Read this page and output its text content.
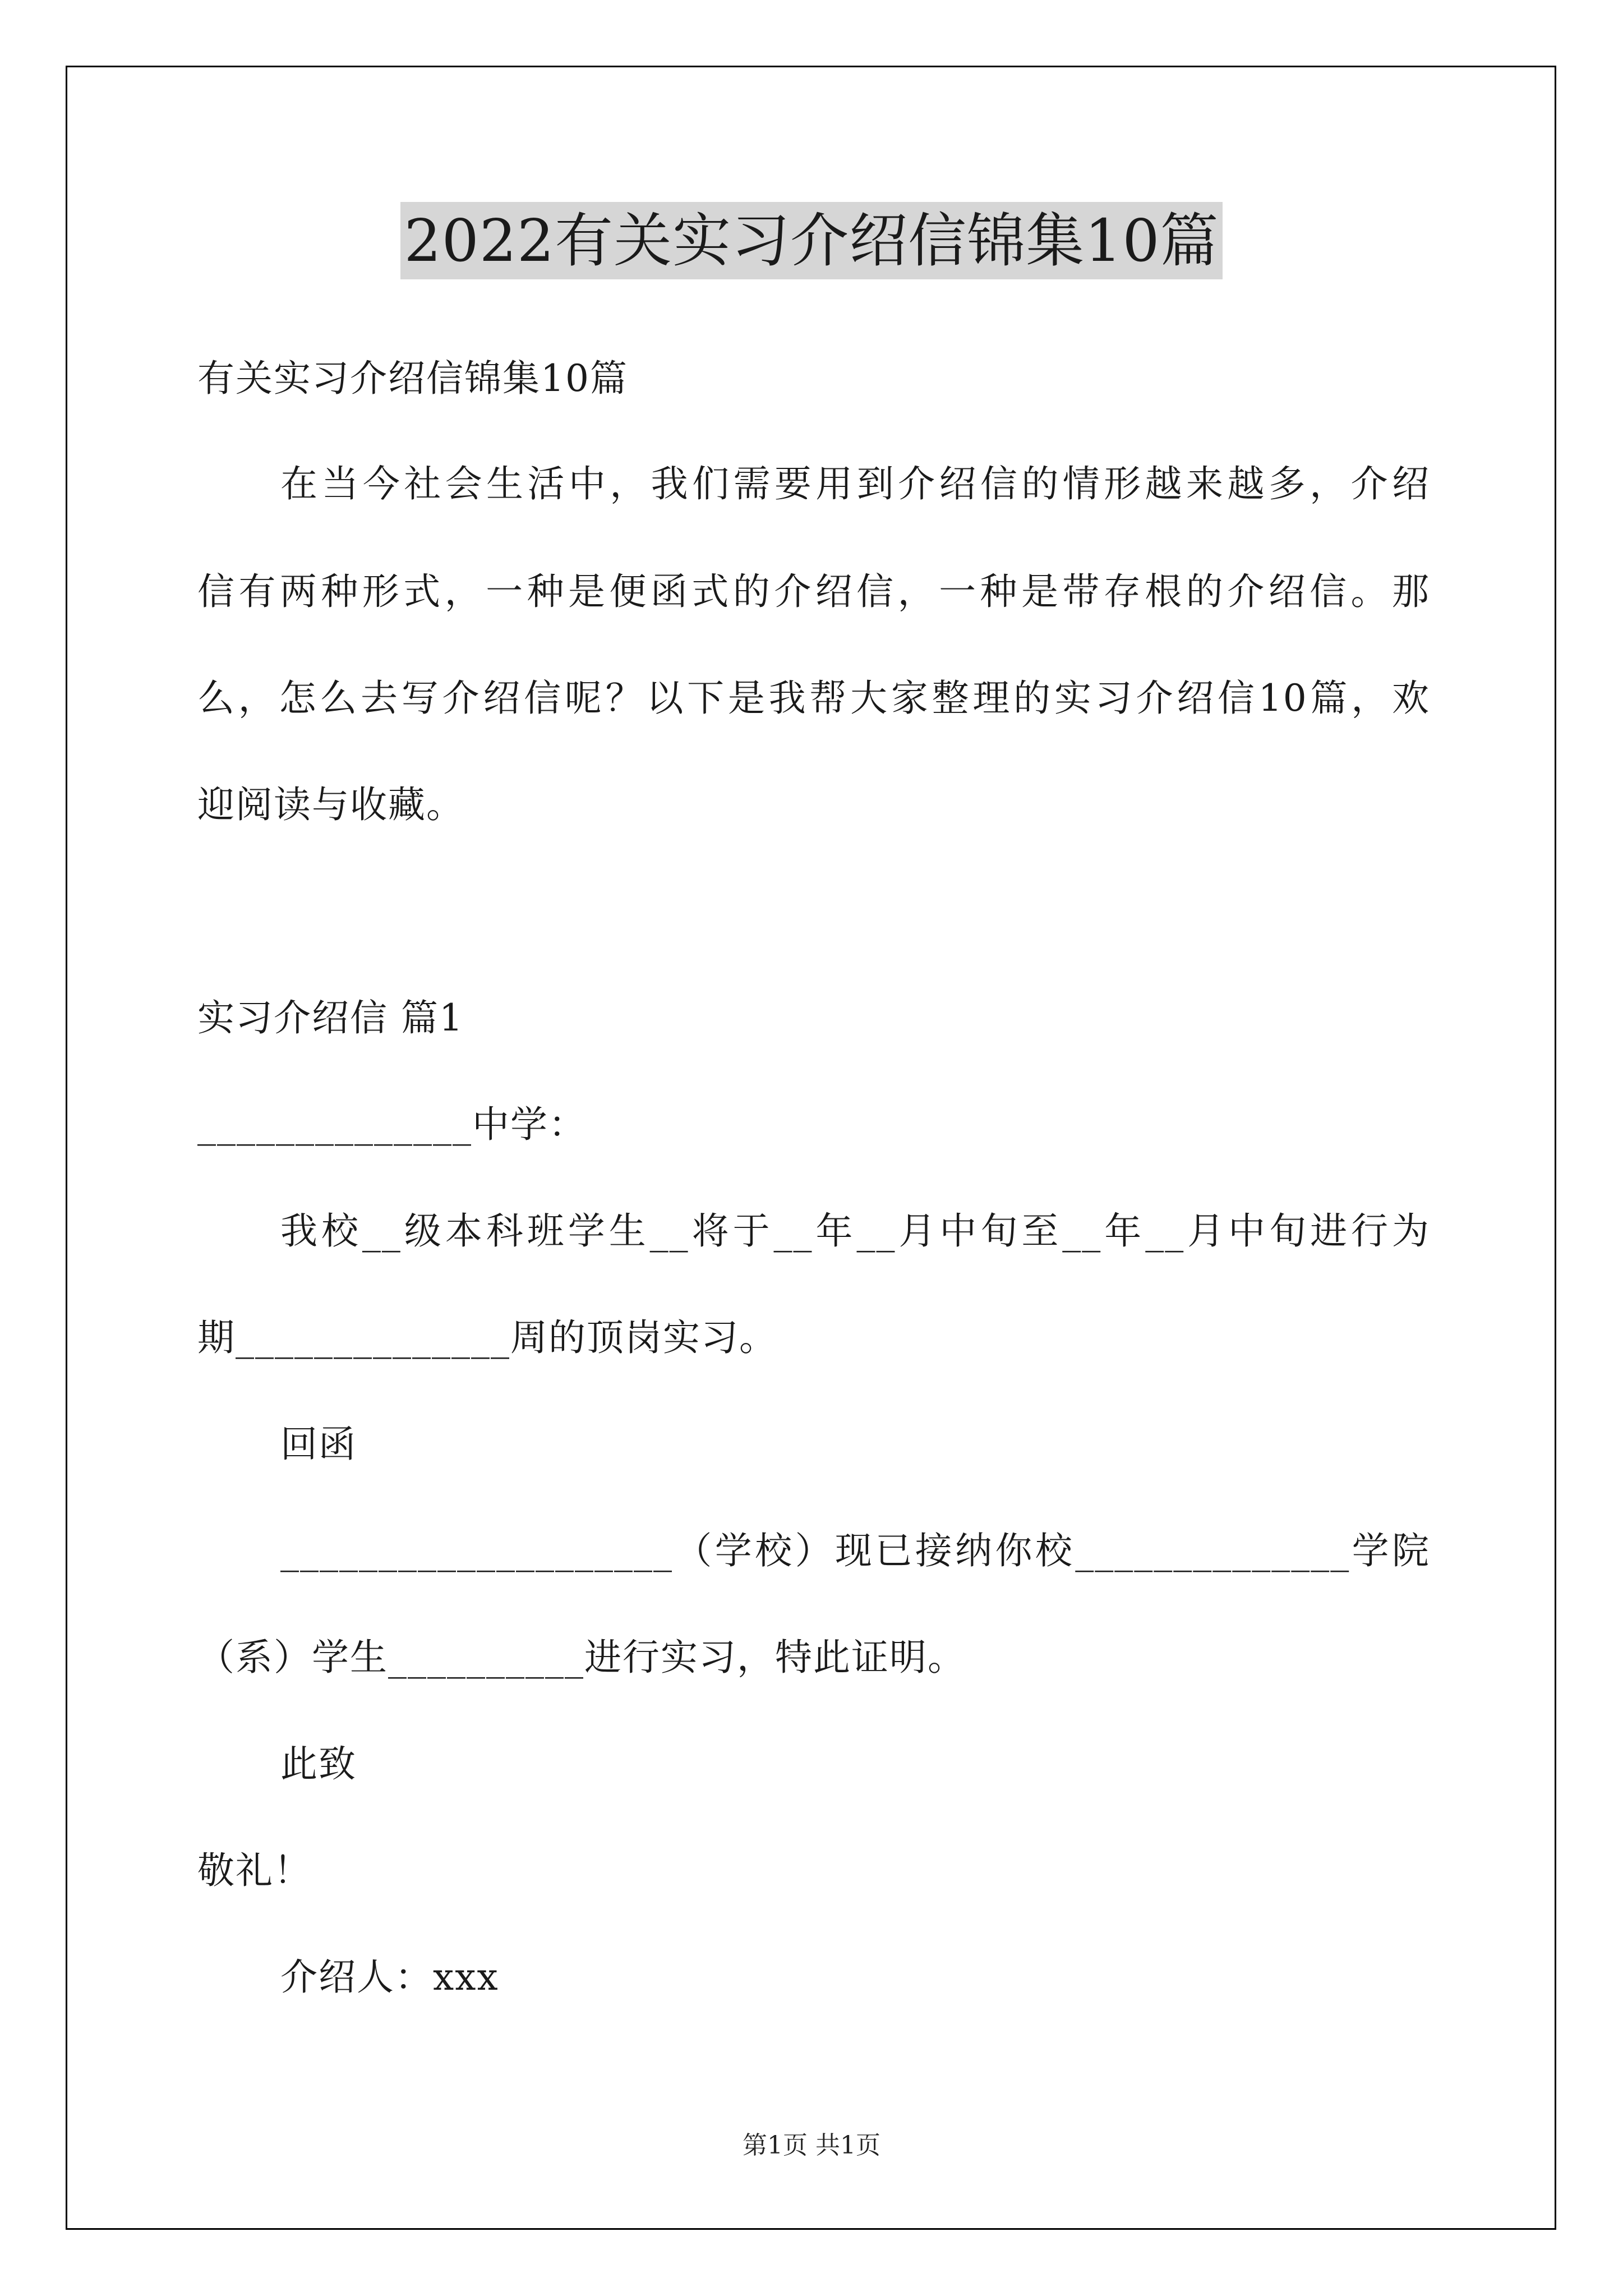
2022有关实习介绍信锦集10篇
有关实习介绍信锦集10篇
在当今社会生活中，我们需要用到介绍信的情形越来越多，介绍
信有两种形式，一种是便函式的介绍信，一种是带存根的介绍信。那
么，怎么去写介绍信呢？以下是我帮大家整理的实习介绍信10篇，欢
迎阅读与收藏。
实习介绍信 篇1
______________中学：
我校__级本科班学生__将于__年__月中旬至__年__月中旬进行为
期______________周的顶岗实习。
回函
____________________（学校）现已接纳你校______________学院
（系）学生__________进行实习，特此证明。
此致
敬礼！
介绍人：xxx
第1页 共1页
